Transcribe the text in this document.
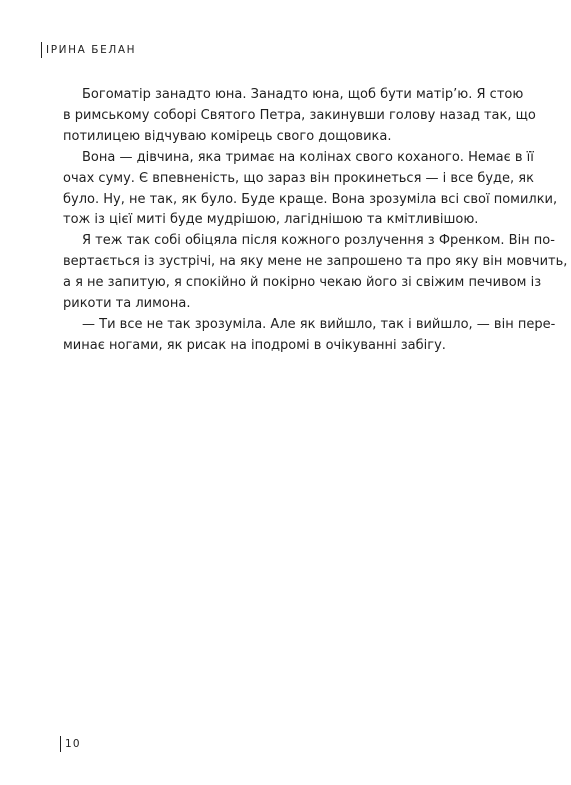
ІРИНА БЕЛАН

Богоматір занадто юна. Занадто юна, щоб бути матір’ю. Я стою
в римському соборі Святого Петра, закинувши голову назад так, що
потилицею відчуваю комірець свого дощовика.

Вона — дівчина, яка тримає на колінах свого коханого. Немає в її
очах суму. Є впевненість, що зараз він прокинеться — і все буде, як
було. Ну, не так, як було. Буде краще. Вона зрозуміла всі свої помилки,
тож із цієї миті буде мудрішою, лагіднішою та кмітливішою.

Я теж так собі обіцяла після кожного розлучення з Френком. Він по-
вертається із зустрічі, на яку мене не запрошено та про яку він мовчить,
а я не запитую, я спокійно й покірно чекаю його зі свіжим печивом із
рикоти та лимона.

— Ти все не так зрозуміла. Але як вийшло, так і вийшло, — він пере-
минає ногами, як рисак на іподромі в очікуванні забігу.

10
